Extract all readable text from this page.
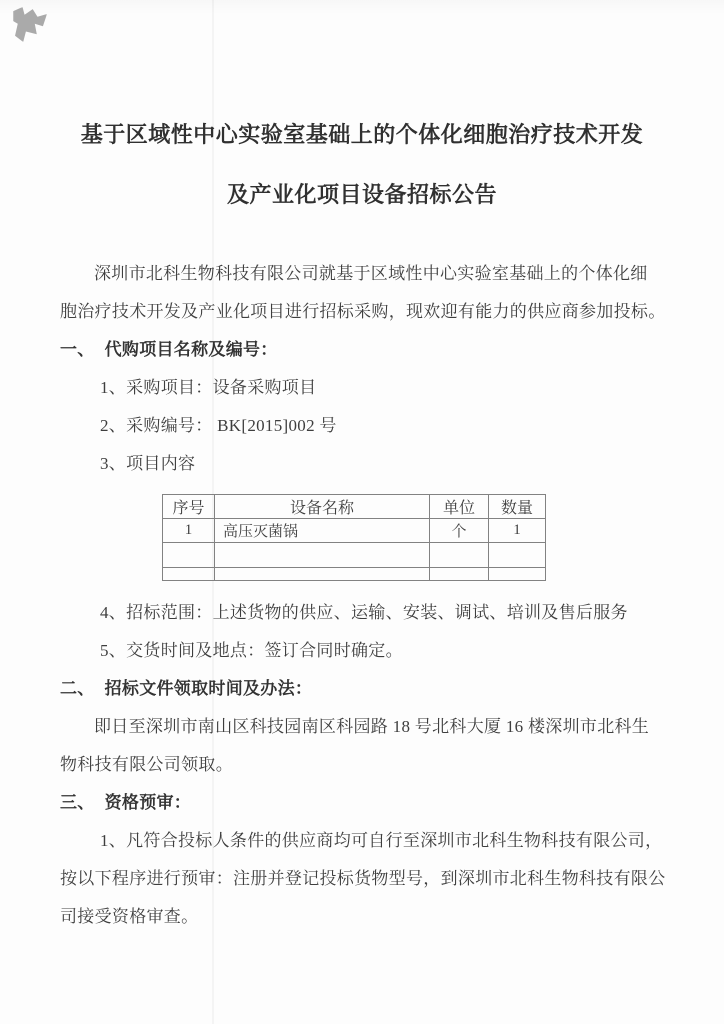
基于区域性中心实验室基础上的个体化细胞治疗技术开发
及产业化项目设备招标公告

深圳市北科生物科技有限公司就基于区域性中心实验室基础上的个体化细

胞治疗技术开发及产业化项目进行招标采购，现欢迎有能力的供应商参加投标。

一、 代购项目名称及编号：

1、采购项目：设备采购项目

2、采购编号： BK[2015]002 号

3、项目内容

序号	设备名称	单位	数量
1	高压灭菌锅	个	1

4、招标范围：上述货物的供应、运输、安装、调试、培训及售后服务

5、交货时间及地点：签订合同时确定。

二、 招标文件领取时间及办法：

即日至深圳市南山区科技园南区科园路 18 号北科大厦 16 楼深圳市北科生

物科技有限公司领取。

三、 资格预审：

1、凡符合投标人条件的供应商均可自行至深圳市北科生物科技有限公司，

按以下程序进行预审：注册并登记投标货物型号，到深圳市北科生物科技有限公

司接受资格审查。
